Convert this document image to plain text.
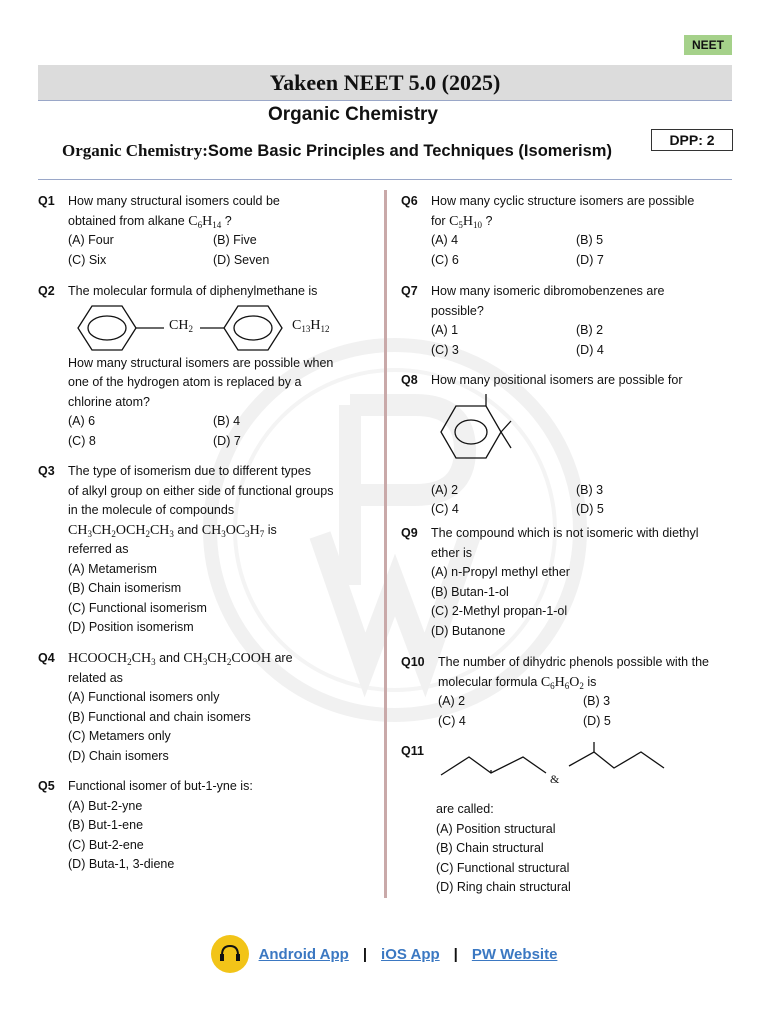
NEET
Yakeen NEET 5.0 (2025)
Organic Chemistry
Organic Chemistry:Some Basic Principles and Techniques (Isomerism)
DPP: 2
Q1 How many structural isomers could be
obtained from alkane $C_6H_{14}$ ?
(A) Four	(B) Five
(C) Six	(D) Seven
Q2 The molecular formula of diphenylmethane is
$CH_2$	$C_{13}H_{12}$
How many structural isomers are possible when
one of the hydrogen atom is replaced by a
chlorine atom?
(A) 6	(B) 4
(C) 8	(D) 7
Q3 The type of isomerism due to different types
of alkyl group on either side of functional groups
in the molecule of compounds
$CH_3CH_2OCH_2CH_3$ and $CH_3OC_3H_7$ is
referred as
(A) Metamerism
(B) Chain isomerism
(C) Functional isomerism
(D) Position isomerism
Q4 $HCOOCH_2CH_3$ and $CH_3CH_2COOH$ are
related as
(A) Functional isomers only
(B) Functional and chain isomers
(C) Metamers only
(D) Chain isomers
Q5 Functional isomer of but-1-yne is:
(A) But-2-yne
(B) But-1-ene
(C) But-2-ene
(D) Buta-1, 3-diene
Q6 How many cyclic structure isomers are possible
for $C_5H_{10}$ ?
(A) 4	(B) 5
(C) 6	(D) 7
Q7 How many isomeric dibromobenzenes are
possible?
(A) 1	(B) 2
(C) 3	(D) 4
Q8 How many positional isomers are possible for
(A) 2	(B) 3
(C) 4	(D) 5
Q9 The compound which is not isomeric with diethyl
ether is
(A) n-Propyl methyl ether
(B) Butan-1-ol
(C) 2-Methyl propan-1-ol
(D) Butanone
Q10 The number of dihydric phenols possible with the
molecular formula $C_6H_6O_2$ is
(A) 2	(B) 3
(C) 4	(D) 5
Q11
&
are called:
(A) Position structural
(B) Chain structural
(C) Functional structural
(D) Ring chain structural
Android App | iOS App | PW Website
